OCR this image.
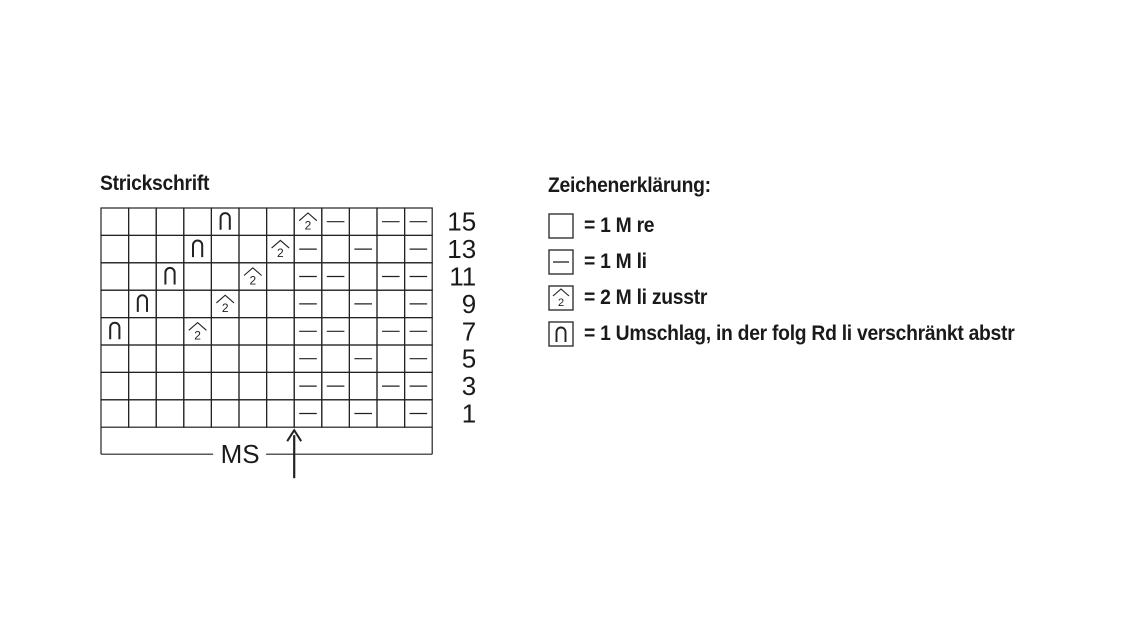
Strickschrift
2
2
2
2
2
15
13
11
9
7
5
3
1
MS
Zeichenerklärung:
= 1 M re
= 1 M li
2 = 2 M li zusstr
= 1 Umschlag, in der folg Rd li verschränkt abstr
